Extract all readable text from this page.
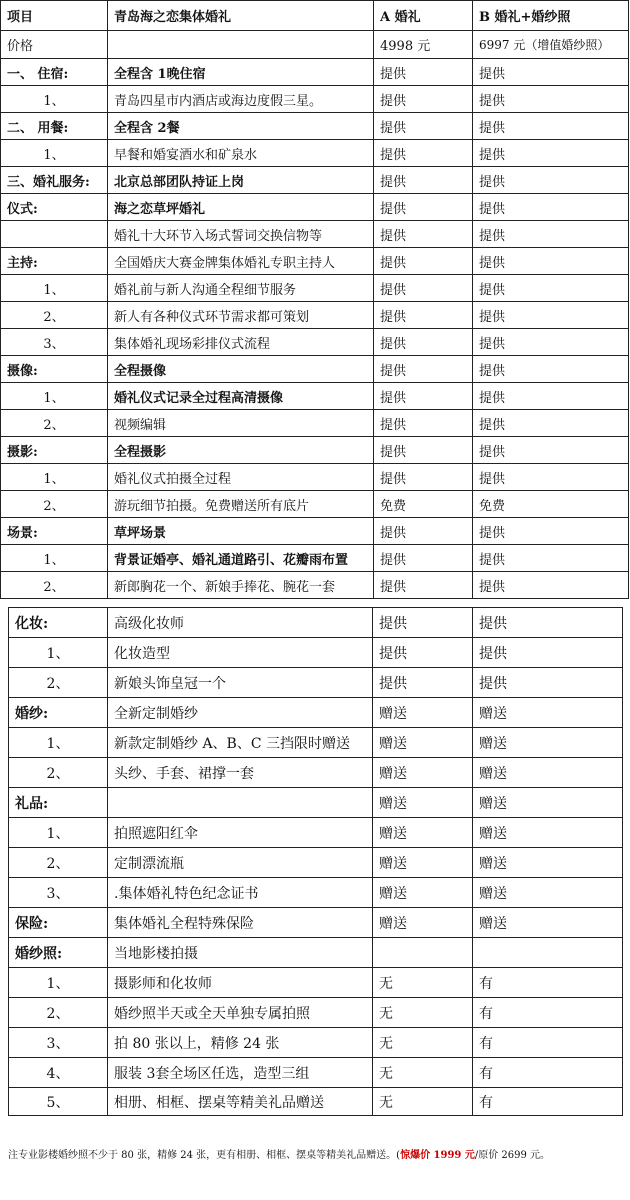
项目	青岛海之恋集体婚礼	A 婚礼	B 婚礼+婚纱照
价格		4998 元	6997 元（增值婚纱照）
一、 住宿:	全程含 1晚住宿	提供	提供
1、	青岛四星市内酒店或海边度假三星。	提供	提供
二、 用餐:	全程含 2餐	提供	提供
1、	早餐和婚宴酒水和矿泉水	提供	提供
三、婚礼服务:	北京总部团队持证上岗	提供	提供
仪式:	海之恋草坪婚礼	提供	提供
	婚礼十大环节入场式誓词交换信物等	提供	提供
主持:	全国婚庆大赛金牌集体婚礼专职主持人	提供	提供
1、	婚礼前与新人沟通全程细节服务	提供	提供
2、	新人有各种仪式环节需求都可策划	提供	提供
3、	集体婚礼现场彩排仪式流程	提供	提供
摄像:	全程摄像	提供	提供
1、	婚礼仪式记录全过程高清摄像	提供	提供
2、	视频编辑	提供	提供
摄影:	全程摄影	提供	提供
1、	婚礼仪式拍摄全过程	提供	提供
2、	游玩细节拍摄。免费赠送所有底片	免费	免费
场景:	草坪场景	提供	提供
1、	背景证婚亭、婚礼通道路引、花瓣雨布置	提供	提供
2、	新郎胸花一个、新娘手捧花、腕花一套	提供	提供
化妆:	高级化妆师	提供	提供
1、	化妆造型	提供	提供
2、	新娘头饰皇冠一个	提供	提供
婚纱:	全新定制婚纱	赠送	赠送
1、	新款定制婚纱 A、B、C 三挡限时赠送	赠送	赠送
2、	头纱、手套、裙撑一套	赠送	赠送
礼品:		赠送	赠送
1、	拍照遮阳红伞	赠送	赠送
2、	定制漂流瓶	赠送	赠送
3、	.集体婚礼特色纪念证书	赠送	赠送
保险:	集体婚礼全程特殊保险	赠送	赠送
婚纱照:	当地影楼拍摄		
1、	摄影师和化妆师	无	有
2、	婚纱照半天或全天单独专属拍照	无	有
3、	拍 80 张以上，精修 24 张	无	有
4、	服装 3套全场区任选，造型三组	无	有
5、	相册、相框、摆桌等精美礼品赠送	无	有
注专业影楼婚纱照不少于 80 张，精修 24 张，更有相册、相框、摆桌等精美礼品赠送。(惊爆价 1999 元/原价 2699 元。
